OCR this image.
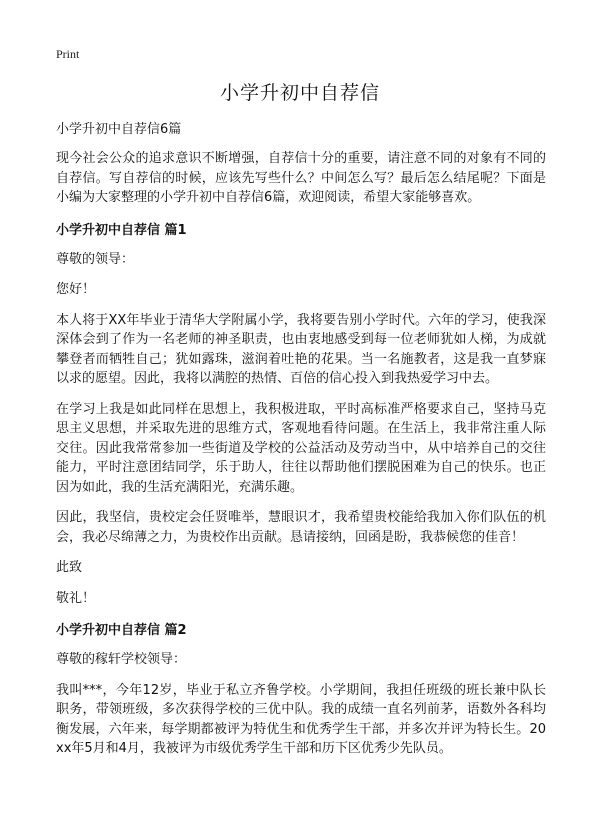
Print
小学升初中自荐信
小学升初中自荐信6篇

现今社会公众的追求意识不断增强，自荐信十分的重要，请注意不同的对象有不同的自荐信。写自荐信的时候，应该先写些什么？中间怎么写？最后怎么结尾呢？下面是小编为大家整理的小学升初中自荐信6篇，欢迎阅读，希望大家能够喜欢。

小学升初中自荐信 篇1

尊敬的领导：

您好！

本人将于XX年毕业于清华大学附属小学，我将要告别小学时代。六年的学习，使我深深体会到了作为一名老师的神圣职责，也由衷地感受到每一位老师犹如人梯，为成就攀登者而牺牲自己；犹如露珠，滋润着吐艳的花果。当一名施教者，这是我一直梦寐以求的愿望。因此，我将以满腔的热情、百倍的信心投入到我热爱学习中去。

在学习上我是如此同样在思想上，我积极进取，平时高标准严格要求自己，坚持马克思主义思想，并采取先进的思维方式，客观地看待问题。在生活上，我非常注重人际交往。因此我常常参加一些街道及学校的公益活动及劳动当中，从中培养自己的交往能力，平时注意团结同学，乐于助人，往往以帮助他们摆脱困难为自己的快乐。也正因为如此，我的生活充满阳光，充满乐趣。

因此，我坚信，贵校定会任贤唯举，慧眼识才，我希望贵校能给我加入你们队伍的机会，我必尽绵薄之力，为贵校作出贡献。恳请接纳，回函是盼，我恭候您的佳音！

此致

敬礼！

小学升初中自荐信 篇2

尊敬的稼轩学校领导：

我叫***，今年12岁，毕业于私立齐鲁学校。小学期间，我担任班级的班长兼中队长职务，带领班级，多次获得学校的三优中队。我的成绩一直名列前茅，语数外各科均衡发展，六年来，每学期都被评为特优生和优秀学生干部，并多次并评为特长生。20xx年5月和4月，我被评为市级优秀学生干部和历下区优秀少先队员。
